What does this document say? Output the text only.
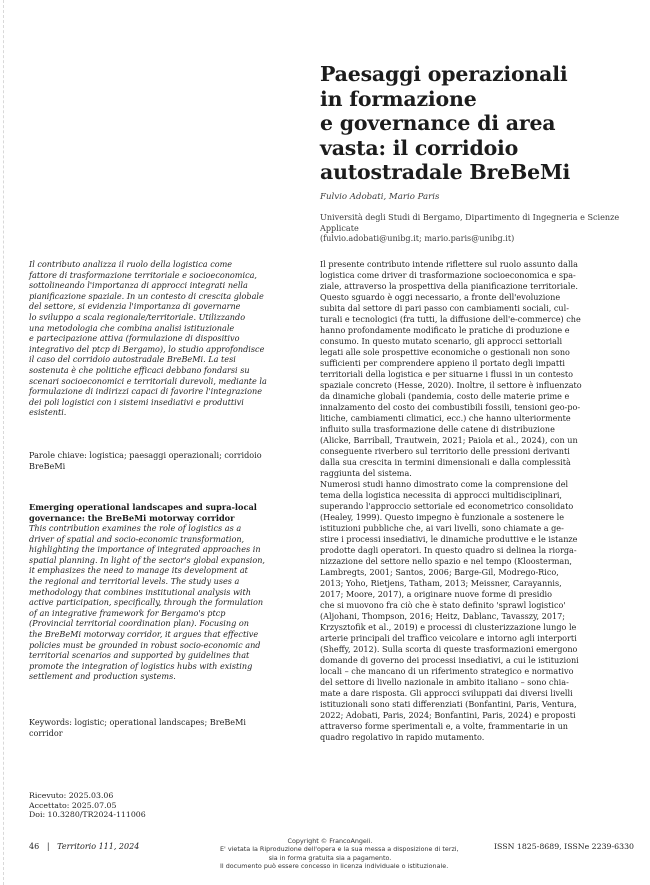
Paesaggi operazionali
in formazione
e governance di area
vasta: il corridoio
autostradale BreBeMi
Fulvio Adobati, Mario Paris
Università degli Studi di Bergamo, Dipartimento di Ingegneria e Scienze
Applicate
(fulvio.adobati@unibg.it; mario.paris@unibg.it)
Il contributo analizza il ruolo della logistica come
fattore di trasformazione territoriale e socioeconomica,
sottolineando l'importanza di approcci integrati nella
pianificazione spaziale. In un contesto di crescita globale
del settore, si evidenzia l'importanza di governarne
lo sviluppo a scala regionale/territoriale. Utilizzando
una metodologia che combina analisi istituzionale
e partecipazione attiva (formulazione di dispositivo
integrativo del ptcp di Bergamo), lo studio approfondisce
il caso del corridoio autostradale BreBeMi. La tesi
sostenuta è che politiche efficaci debbano fondarsi su
scenari socioeconomici e territoriali durevoli, mediante la
formulazione di indirizzi capaci di favorire l'integrazione
dei poli logistici con i sistemi insediativi e produttivi
esistenti.
Parole chiave: logistica; paesaggi operazionali; corridoio
BreBeMi
Emerging operational landscapes and supra-local
governance: the BreBeMi motorway corridor
This contribution examines the role of logistics as a
driver of spatial and socio-economic transformation,
highlighting the importance of integrated approaches in
spatial planning. In light of the sector's global expansion,
it emphasizes the need to manage its development at
the regional and territorial levels. The study uses a
methodology that combines institutional analysis with
active participation, specifically, through the formulation
of an integrative framework for Bergamo's ptcp
(Provincial territorial coordination plan). Focusing on
the BreBeMi motorway corridor, it argues that effective
policies must be grounded in robust socio-economic and
territorial scenarios and supported by guidelines that
promote the integration of logistics hubs with existing
settlement and production systems.
Keywords: logistic; operational landscapes; BreBeMi
corridor
Ricevuto: 2025.03.06
Accettato: 2025.07.05
Doi: 10.3280/TR2024-111006
Il presente contributo intende riflettere sul ruolo assunto dalla
logistica come driver di trasformazione socioeconomica e spa-
ziale, attraverso la prospettiva della pianificazione territoriale.
Questo sguardo è oggi necessario, a fronte dell'evoluzione
subita dal settore di pari passo con cambiamenti sociali, cul-
turali e tecnologici (fra tutti, la diffusione dell'e-commerce) che
hanno profondamente modificato le pratiche di produzione e
consumo. In questo mutato scenario, gli approcci settoriali
legati alle sole prospettive economiche o gestionali non sono
sufficienti per comprendere appieno il portato degli impatti
territoriali della logistica e per situarne i flussi in un contesto
spaziale concreto (Hesse, 2020). Inoltre, il settore è influenzato
da dinamiche globali (pandemia, costo delle materie prime e
innalzamento del costo dei combustibili fossili, tensioni geo-po-
litiche, cambiamenti climatici, ecc.) che hanno ulteriormente
influito sulla trasformazione delle catene di distribuzione
(Alicke, Barriball, Trautwein, 2021; Paiola et al., 2024), con un
conseguente riverbero sul territorio delle pressioni derivanti
dalla sua crescita in termini dimensionali e dalla complessità
raggiunta del sistema.
Numerosi studi hanno dimostrato come la comprensione del
tema della logistica necessita di approcci multidisciplinari,
superando l'approccio settoriale ed econometrico consolidato
(Healey, 1999). Questo impegno è funzionale a sostenere le
istituzioni pubbliche che, ai vari livelli, sono chiamate a ge-
stire i processi insediativi, le dinamiche produttive e le istanze
prodotte dagli operatori. In questo quadro si delinea la riorga-
nizzazione del settore nello spazio e nel tempo (Kloosterman,
Lambregts, 2001; Santos, 2006; Barge-Gil, Modrego-Rico,
2013; Yoho, Rietjens, Tatham, 2013; Meissner, Carayannis,
2017; Moore, 2017), a originare nuove forme di presidio
che si muovono fra ciò che è stato definito 'sprawl logistico'
(Aljohani, Thompson, 2016; Heitz, Dablanc, Tavasszy, 2017;
Krzysztofik et al., 2019) e processi di clusterizzazione lungo le
arterie principali del traffico veicolare e intorno agli interporti
(Sheffy, 2012). Sulla scorta di queste trasformazioni emergono
domande di governo dei processi insediativi, a cui le istituzioni
locali – che mancano di un riferimento strategico e normativo
del settore di livello nazionale in ambito italiano – sono chia-
mate a dare risposta. Gli approcci sviluppati dai diversi livelli
istituzionali sono stati differenziati (Bonfantini, Paris, Ventura,
2022; Adobati, Paris, 2024; Bonfantini, Paris, 2024) e proposti
attraverso forme sperimentali e, a volte, frammentarie in un
quadro regolativo in rapido mutamento.
46   |   Territorio 111, 2024
Copyright © FrancoAngeli.
E' vietata la Riproduzione dell'opera e la sua messa a disposizione di terzi,
sia in forma gratuita sia a pagamento.
Il documento può essere concesso in licenza individuale o istituzionale.
ISSN 1825-8689, ISSNe 2239-6330
